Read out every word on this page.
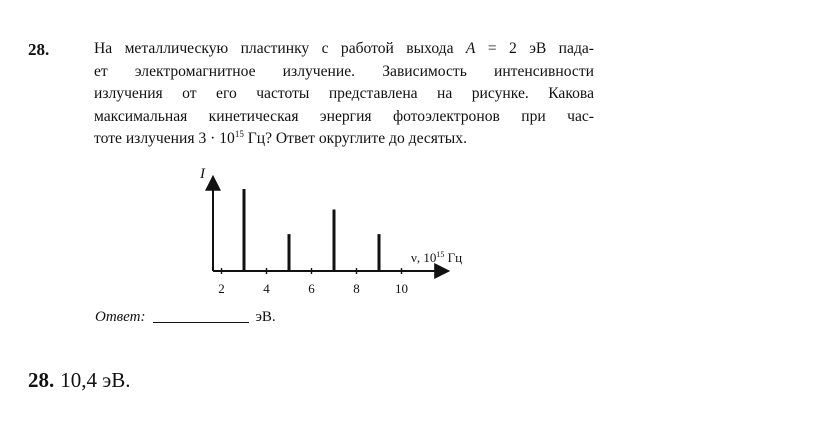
28.	На металлическую пластинку с работой выхода A = 2 эВ пада-
ет электромагнитное излучение. Зависимость интенсивности
излучения от его частоты представлена на рисунке. Какова
максимальная кинетическая энергия фотоэлектронов при час-
тоте излучения $3 \cdot 10^{15}$ Гц? Ответ округлите до десятых.
I
ν, $10^{15}$ Гц
2	4	6	8	10
Ответ:	эВ.
28. 10,4 эВ.
